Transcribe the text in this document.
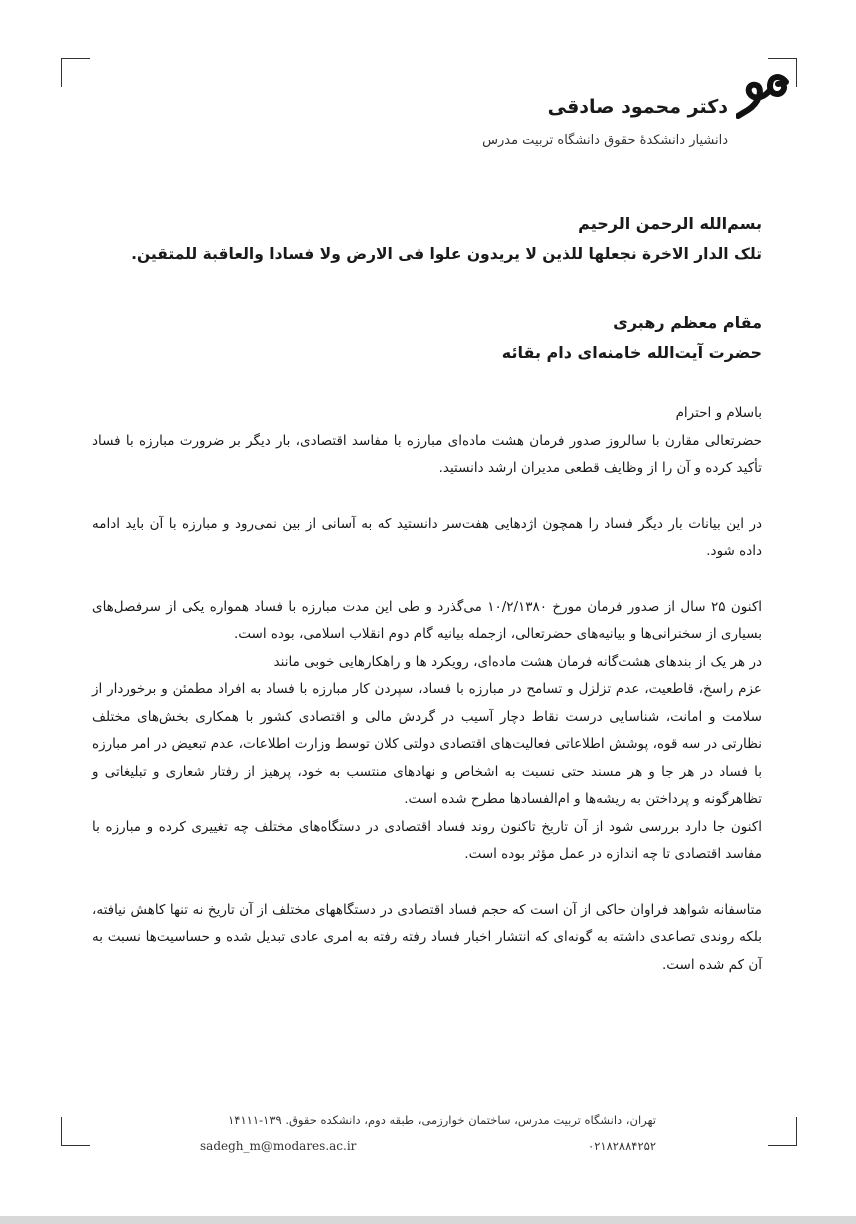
دکتر محمود صادقی
دانشیار دانشکدهٔ حقوق دانشگاه تربیت مدرس
بسم‌الله الرحمن الرحیم
تلک الدار الاخرة نجعلها للذین لا یریدون علوا فی الارض ولا فسادا والعاقبة للمتقین.
مقام معظم رهبری
حضرت آیت‌الله خامنه‌ای دام بقائه

باسلام و احترام

حضرتعالی مقارن با سالروز صدور فرمان هشت ماده‌ای مبارزه با مفاسد اقتصادی، بار دیگر بر ضرورت مبارزه با فساد تأکید کرده و آن را از وظایف قطعی مدیران ارشد دانستید.

در این بیانات بار دیگر فساد را همچون اژدهایی هفت‌سر دانستید که به آسانی از بین نمی‌رود و مبارزه با آن باید ادامه داده شود.

اکنون ۲۵ سال از صدور فرمان مورخ ۱۰/۲/۱۳۸۰ می‌گذرد و طی این مدت مبارزه با فساد همواره یکی از سرفصل‌های بسیاری از سخنرانی‌ها و بیانیه‌های حضرتعالی، ازجمله بیانیه گام دوم انقلاب اسلامی، بوده است.

در هر یک از بندهای هشت‌گانه فرمان هشت ماده‌ای، رویکرد ها و راهکارهایی خوبی مانند

عزم راسخ، قاطعیت، عدم تزلزل و تسامح در مبارزه با فساد، سپردن کار مبارزه با فساد به افراد مطمئن و برخوردار از سلامت و امانت، شناسایی درست نقاط دچار آسیب در گردش مالی و اقتصادی کشور با همکاری بخش‌های مختلف نظارتی در سه قوه، پوشش اطلاعاتی فعالیت‌های اقتصادی دولتی کلان توسط وزارت اطلاعات، عدم تبعیض در امر مبارزه با فساد در هر جا و هر مسند حتی نسبت به اشخاص و نهادهای منتسب به خود، پرهیز از رفتار شعاری و تبلیغاتی و تظاهرگونه و پرداختن به ریشه‌ها و ام‌الفسادها مطرح شده است.

اکنون جا دارد بررسی شود از آن تاریخ تاکنون روند فساد اقتصادی در دستگاه‌های مختلف چه تغییری کرده و مبارزه با مفاسد اقتصادی تا چه اندازه در عمل مؤثر بوده است.

متاسفانه شواهد فراوان حاکی از آن است که حجم فساد اقتصادی در دستگاههای مختلف از آن تاریخ نه تنها کاهش نیافته، بلکه روندی تصاعدی داشته به گونه‌ای که انتشار اخبار فساد رفته رفته به امری عادی تبدیل شده و حساسیت‌ها نسبت به آن کم شده است.

تهران، دانشگاه تربیت مدرس، ساختمان خوارزمی، طبقه دوم، دانشکده حقوق. ۱۳۹-۱۴۱۱۱
sadegh_m@modares.ac.ir	۰۲۱۸۲۸۸۴۲۵۲
